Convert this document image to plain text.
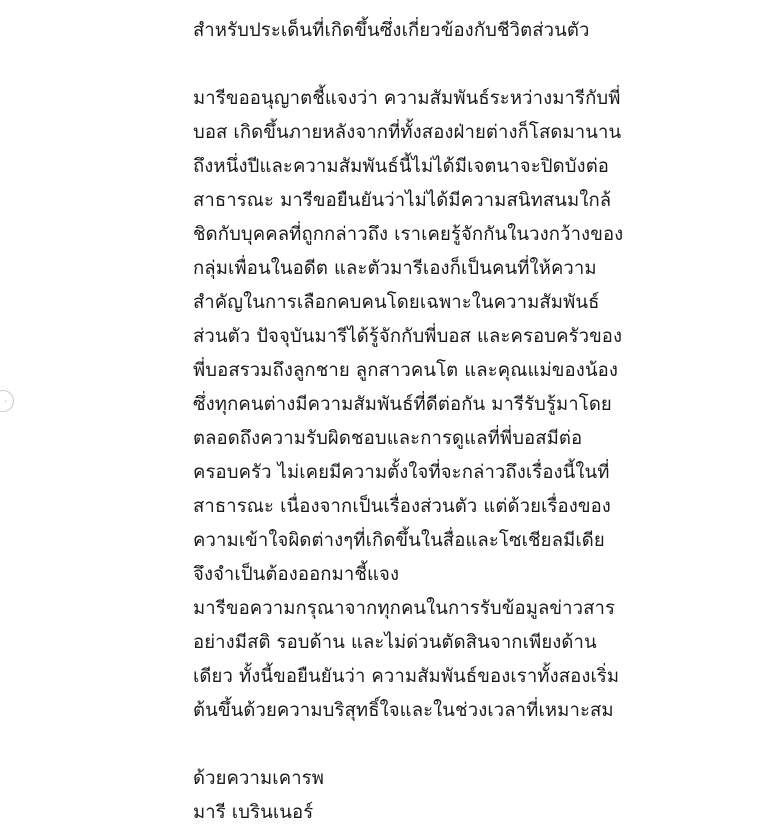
สำหรับประเด็นที่เกิดขึ้นซึ่งเกี่ยวข้องกับชีวิตส่วนตัว
มารีขออนุญาตชี้แจงว่า ความสัมพันธ์ระหว่างมารีกับพี่
บอส เกิดขึ้นภายหลังจากที่ทั้งสองฝ่ายต่างก็โสดมานาน
ถึงหนึ่งปีและความสัมพันธ์นี้ไม่ได้มีเจตนาจะปิดบังต่อ
สาธารณะ มารีขอยืนยันว่าไม่ได้มีความสนิทสนมใกล้
ชิดกับบุคคลที่ถูกกล่าวถึง เราเคยรู้จักกันในวงกว้างของ
กลุ่มเพื่อนในอดีต และตัวมารีเองก็เป็นคนที่ให้ความ
สำคัญในการเลือกคบคนโดยเฉพาะในความสัมพันธ์
ส่วนตัว ปัจจุบันมารีได้รู้จักกับพี่บอส และครอบครัวของ
พี่บอสรวมถึงลูกชาย ลูกสาวคนโต และคุณแม่ของน้อง
ซึ่งทุกคนต่างมีความสัมพันธ์ที่ดีต่อกัน มารีรับรู้มาโดย
ตลอดถึงความรับผิดชอบและการดูแลที่พี่บอสมีต่อ
ครอบครัว ไม่เคยมีความตั้งใจที่จะกล่าวถึงเรื่องนี้ในที่
สาธารณะ เนื่องจากเป็นเรื่องส่วนตัว แต่ด้วยเรื่องของ
ความเข้าใจผิดต่างๆที่เกิดขึ้นในสื่อและโซเชียลมีเดีย
จึงจำเป็นต้องออกมาชี้แจง
มารีขอความกรุณาจากทุกคนในการรับข้อมูลข่าวสาร
อย่างมีสติ รอบด้าน และไม่ด่วนตัดสินจากเพียงด้าน
เดียว ทั้งนี้ขอยืนยันว่า ความสัมพันธ์ของเราทั้งสองเริ่ม
ต้นขึ้นด้วยความบริสุทธิ์ใจและในช่วงเวลาที่เหมาะสม
ด้วยความเคารพ
มารี เบรินเนอร์
